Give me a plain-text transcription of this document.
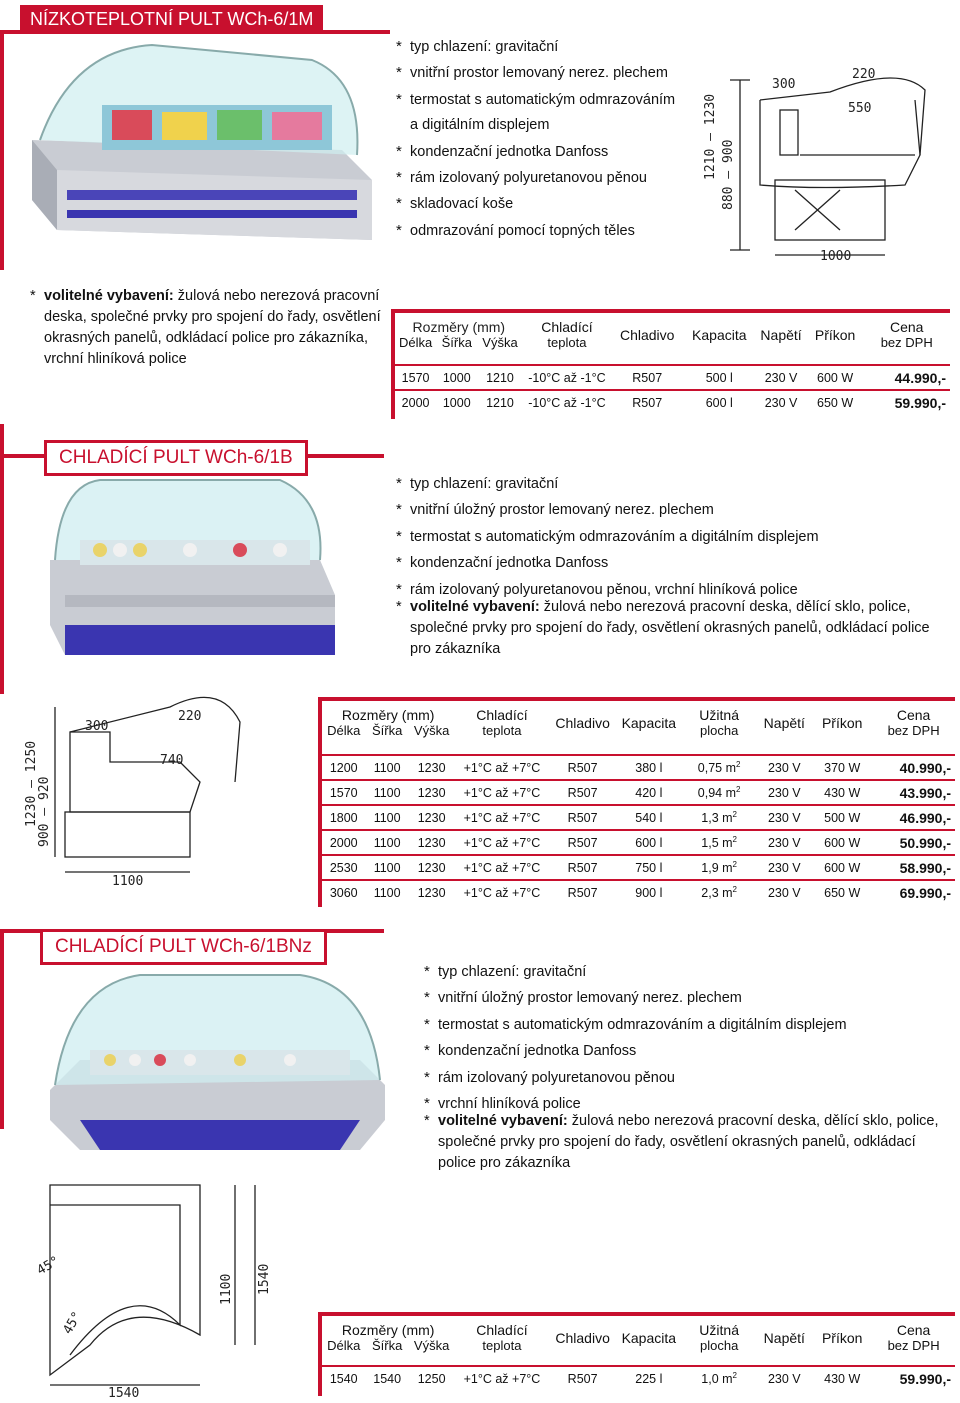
NÍZKOTEPLOTNÍ PULT WCh-6/1M
* typ chlazení: gravitační
* vnitřní prostor lemovaný nerez. plechem
* termostat s automatickým odmrazováním
a digitálním displejem
* kondenzační jednotka Danfoss
* rám izolovaný polyuretanovou pěnou
* skladovací koše
* odmrazování pomocí topných těles
300
220
550
1210 – 1230 880 – 900
1000
* volitelné vybavení: žulová nebo nerezová pracovní
deska, společné prvky pro spojení do řady, osvětlení
okrasných panelů, odkládací police pro zákazníka,
vrchní hliníková police
Rozměry (mm)			Chladící	Chladivo	Kapacita	Napětí	Příkon	Cena
Délka	Šířka	Výška	teplota					bez DPH

1570	1000	1210	-10°C až -1°C	R507	500 l	230 V	600 W	44.990,-
2000	1000	1210	-10°C až -1°C	R507	600 l	230 V	650 W	59.990,-
CHLADÍCÍ PULT WCh-6/1B
* typ chlazení: gravitační
* vnitřní úložný prostor lemovaný nerez. plechem
* termostat s automatickým odmrazováním a digitálním displejem
* kondenzační jednotka Danfoss
* rám izolovaný polyuretanovou pěnou, vrchní hliníková police
* volitelné vybavení: žulová nebo nerezová pracovní deska, dělící sklo, police,
společné prvky pro spojení do řady, osvětlení okrasných panelů, odkládací police
pro zákazníka
300
220
740
1230 – 1250
900 – 920
1100
Rozměry (mm)			Chladící	Chladivo	Kapacita	Užitná	Napětí	Příkon	Cena
Délka	Šířka	Výška	teplota			plocha			bez DPH

1200	1100	1230	+1°C až +7°C	R507	380 l	0,75 $m^2$	230 V	370 W	40.990,-
1570	1100	1230	+1°C až +7°C	R507	420 l	0,94 $m^2$	230 V	430 W	43.990,-
1800	1100	1230	+1°C až +7°C	R507	540 l	1,3 $m^2$	230 V	500 W	46.990,-
2000	1100	1230	+1°C až +7°C	R507	600 l	1,5 $m^2$	230 V	600 W	50.990,-
2530	1100	1230	+1°C až +7°C	R507	750 l	1,9 $m^2$	230 V	600 W	58.990,-
3060	1100	1230	+1°C až +7°C	R507	900 l	2,3 $m^2$	230 V	650 W	69.990,-
CHLADÍCÍ PULT WCh-6/1BNz
* typ chlazení: gravitační
* vnitřní úložný prostor lemovaný nerez. plechem
* termostat s automatickým odmrazováním a digitálním displejem
* kondenzační jednotka Danfoss
* rám izolovaný polyuretanovou pěnou
* vrchní hliníková police
* volitelné vybavení: žulová nebo nerezová pracovní deska, dělící sklo, police,
společné prvky pro spojení do řady, osvětlení okrasných panelů, odkládací
police pro zákazníka
45°
45°
1540
1100 1540
Rozměry (mm)			Chladící	Chladivo	Kapacita	Užitná	Napětí	Příkon	Cena
Délka	Šířka	Výška	teplota			plocha			bez DPH

1540	1540	1250	+1°C až +7°C	R507	225 l	1,0 $m^2$	230 V	430 W	59.990,-
